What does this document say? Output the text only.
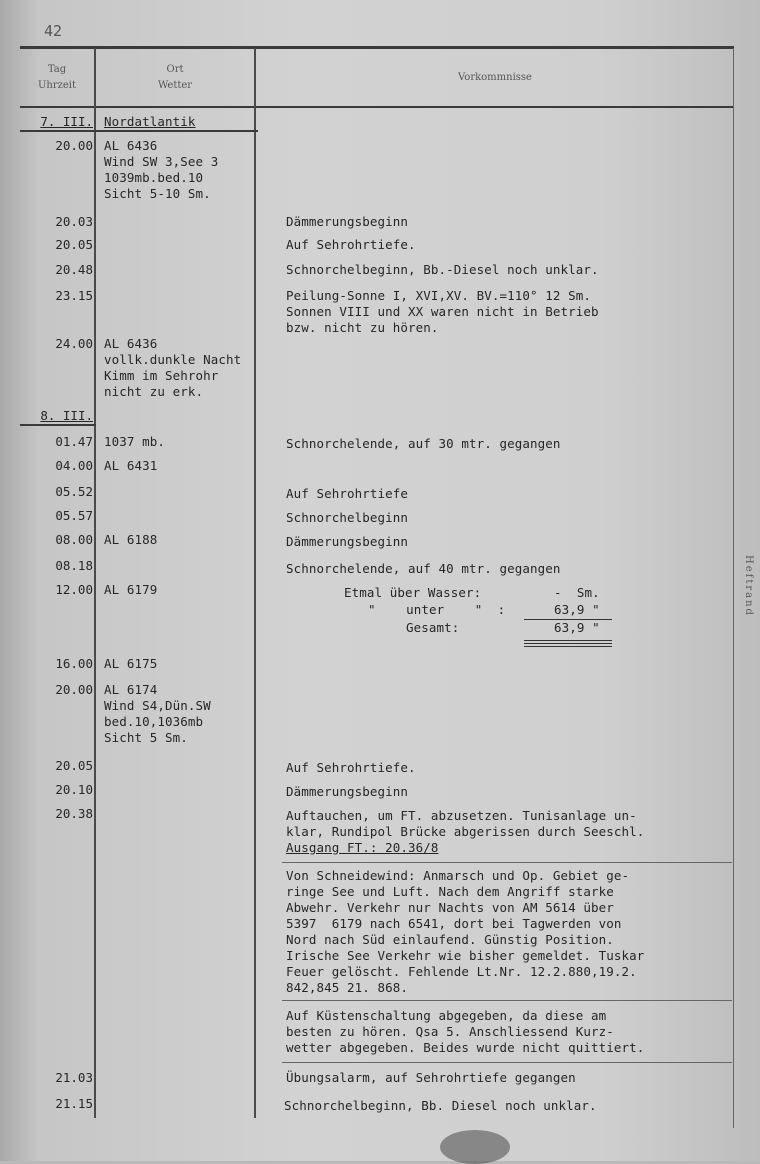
42
Tag
Uhrzeit
Ort
Wetter
Vorkommnisse
7. III. Nordatlantik
20.00 AL 6436
Wind SW 3,See 3
1039mb.bed.10
Sicht 5-10 Sm.
20.03	Dämmerungsbeginn
20.05	Auf Sehrohrtiefe.
20.48	Schnorchelbeginn, Bb.-Diesel noch unklar.
23.15	Peilung-Sonne I, XVI,XV. BV.=110° 12 Sm.
Sonnen VIII und XX waren nicht in Betrieb
bzw. nicht zu hören.
24.00 AL 6436
vollk.dunkle Nacht
Kimm im Sehrohr
nicht zu erk.
8. III.
01.47 1037 mb.	Schnorchelende, auf 30 mtr. gegangen
04.00 AL 6431
05.52	Auf Sehrohrtiefe
05.57	Schnorchelbeginn
08.00 AL 6188	Dämmerungsbeginn
08.18	Schnorchelende, auf 40 mtr. gegangen
12.00 AL 6179	Etmal über Wasser:	-  Sm.
"    unter    "  :	63,9 "
Gesamt:	63,9 "
16.00 AL 6175
20.00 AL 6174
Wind S4,Dün.SW
bed.10,1036mb
Sicht 5 Sm.
20.05	Auf Sehrohrtiefe.
20.10	Dämmerungsbeginn
20.38	Auftauchen, um FT. abzusetzen. Tunisanlage un-
klar, Rundipol Brücke abgerissen durch Seeschl.
Ausgang FT.: 20.36/8
Von Schneidewind: Anmarsch und Op. Gebiet ge-
ringe See und Luft. Nach dem Angriff starke
Abwehr. Verkehr nur Nachts von AM 5614 über
5397  6179 nach 6541, dort bei Tagwerden von
Nord nach Süd einlaufend. Günstig Position.
Irische See Verkehr wie bisher gemeldet. Tuskar
Feuer gelöscht. Fehlende Lt.Nr. 12.2.880,19.2.
842,845 21. 868.
Auf Küstenschaltung abgegeben, da diese am
besten zu hören. Qsa 5. Anschliessend Kurz-
wetter abgegeben. Beides wurde nicht quittiert.
21.03	Übungsalarm, auf Sehrohrtiefe gegangen
21.15	Schnorchelbeginn, Bb. Diesel noch unklar.
Heftrand
